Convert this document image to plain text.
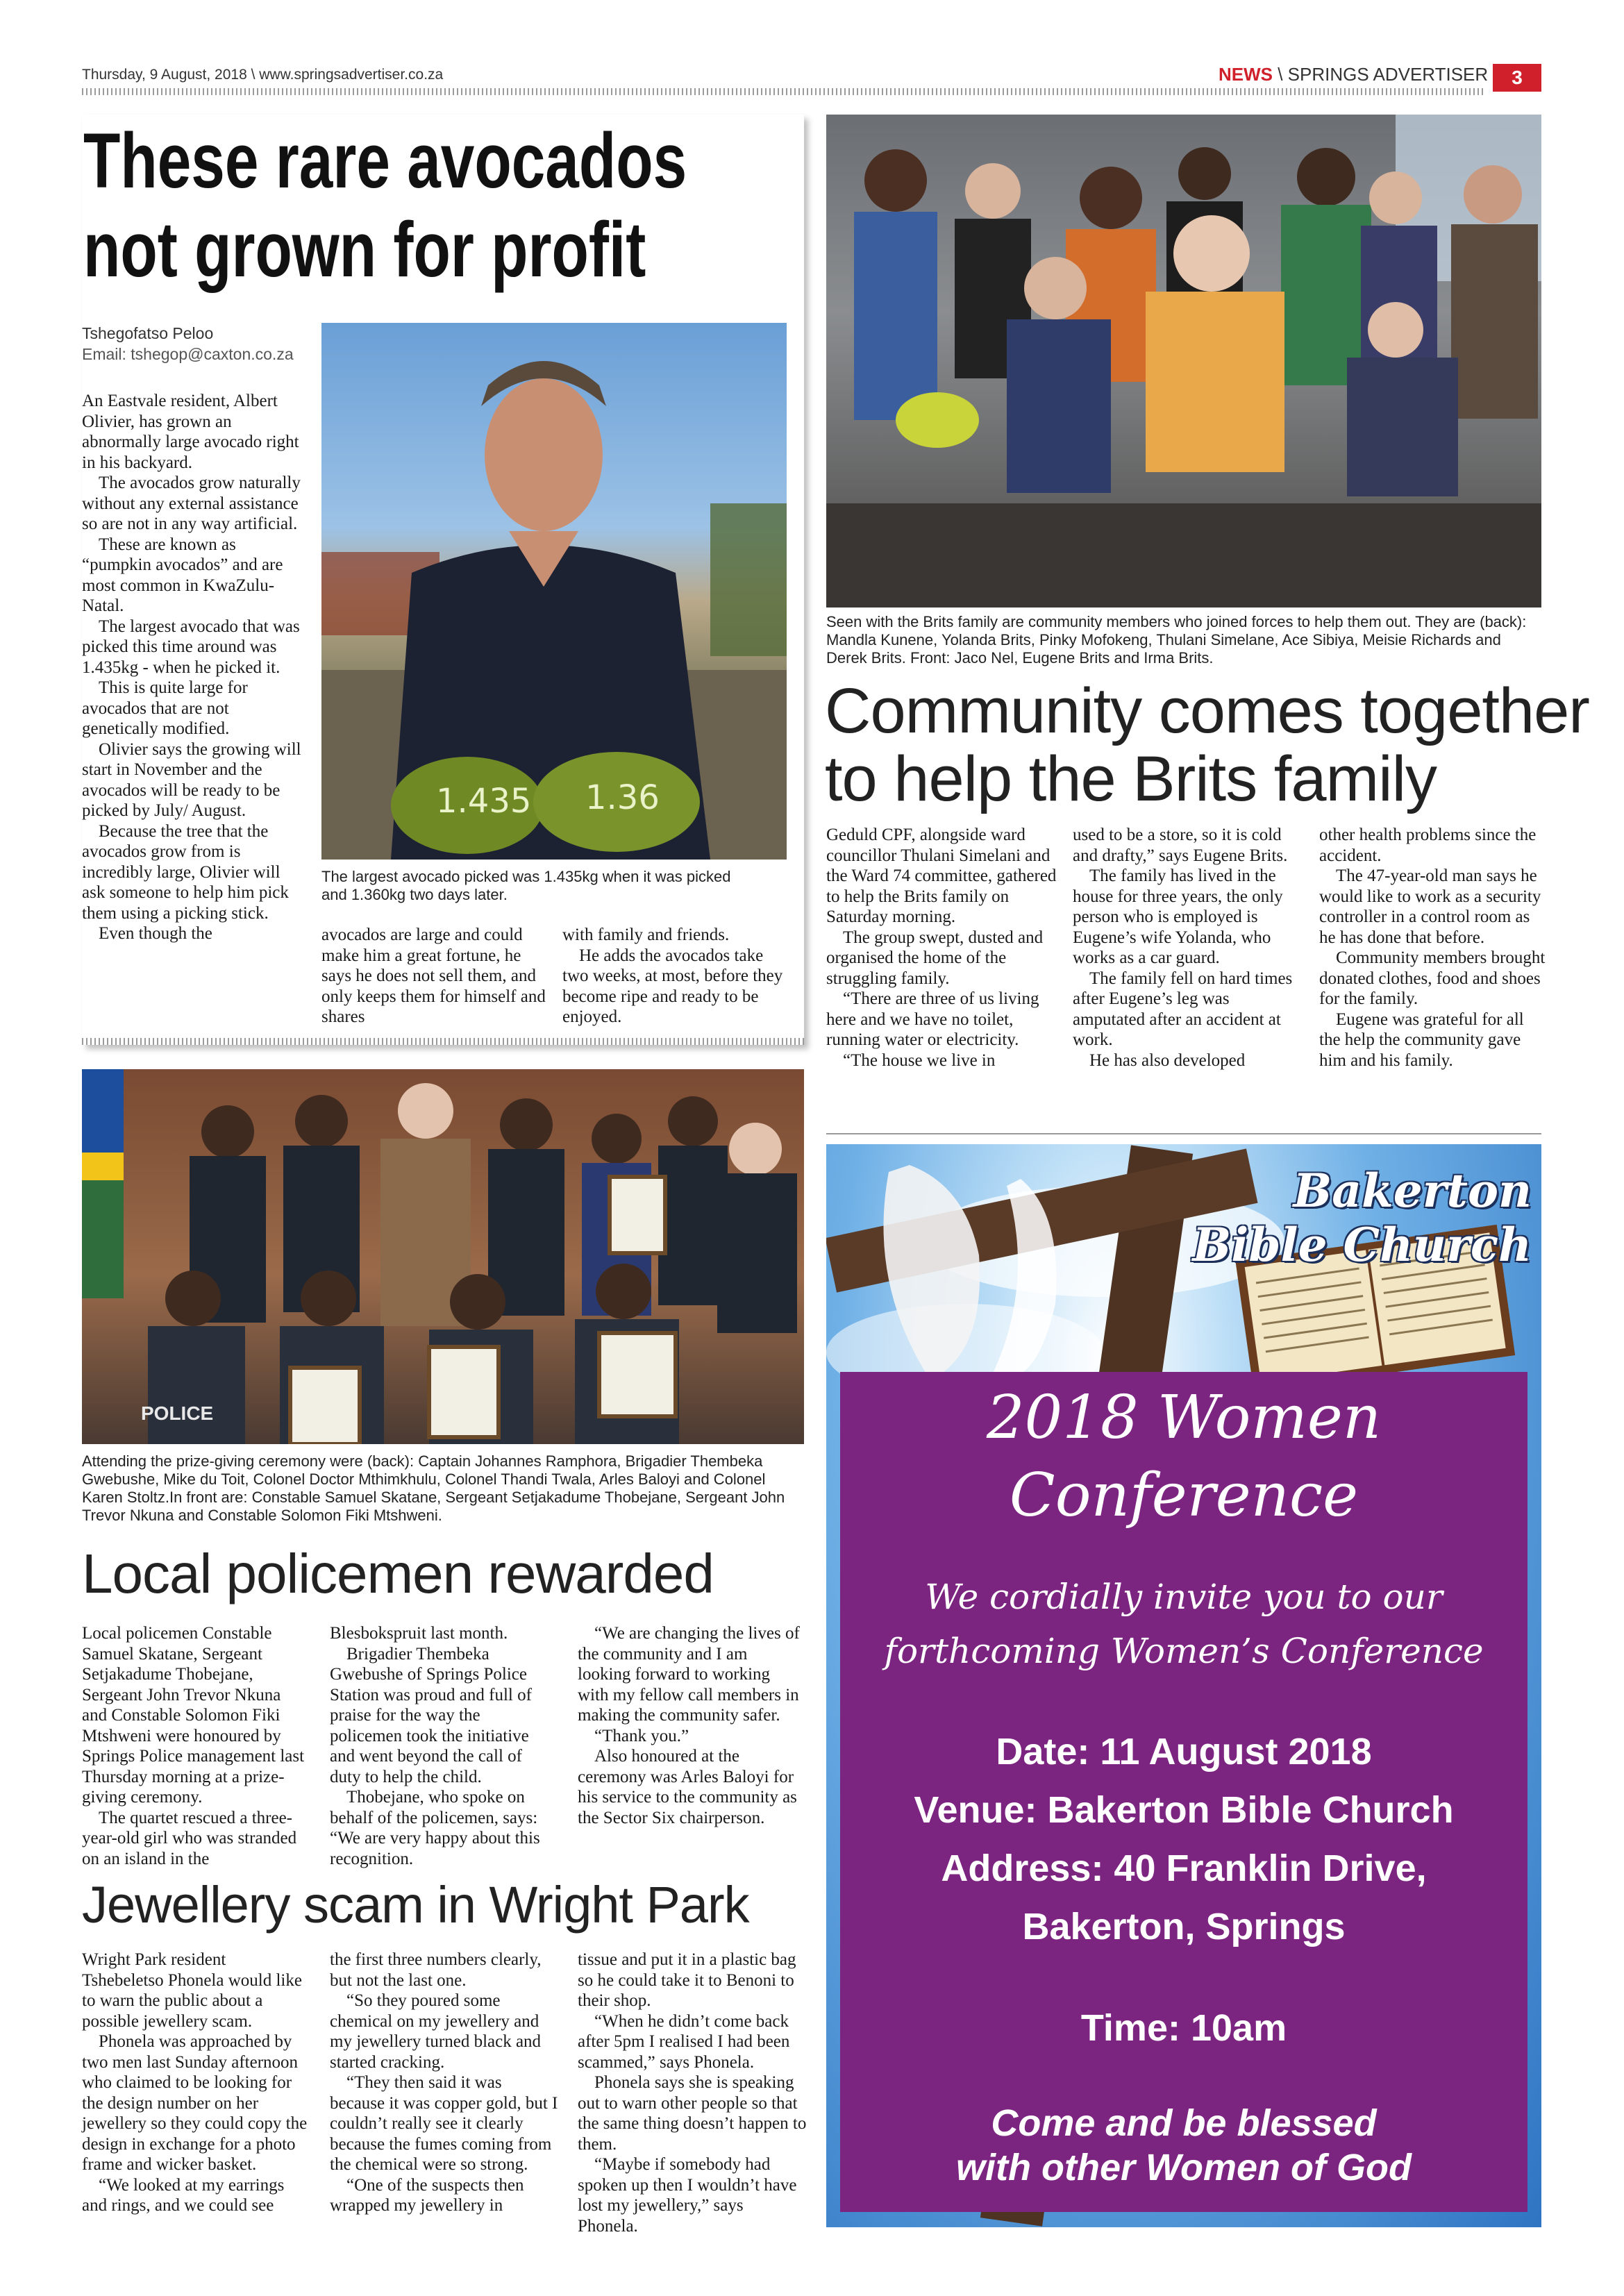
Thursday, 9 August, 2018 \ www.springsadvertiser.co.za	NEWS \ SPRINGS ADVERTISER	3
These rare avocados
not grown for profit
Tshegofatso Peloo
Email: tshegop@caxton.co.za

An Eastvale resident, Albert Olivier, has grown an abnormally large avocado right in his backyard.

The avocados grow naturally without any external assistance so are not in any way artificial.

These are known as “pumpkin avocados” and are most common in KwaZulu-Natal.

The largest avocado that was picked this time around was 1.435kg - when he picked it.

This is quite large for avocados that are not genetically modified.

Olivier says the growing will start in November and the avocados will be ready to be picked by July/ August.

Because the tree that the avocados grow from is incredibly large, Olivier will ask someone to help him pick them using a picking stick.

Even though the

1.435 1.36
The largest avocado picked was 1.435kg when it was picked and 1.360kg two days later.

avocados are large and could make him a great fortune, he says he does not sell them, and only keeps them for himself and shares

with family and friends.

He adds the avocados take two weeks, at most, before they become ripe and ready to be enjoyed.

Seen with the Brits family are community members who joined forces to help them out. They are (back): Mandla Kunene, Yolanda Brits, Pinky Mofokeng, Thulani Simelane, Ace Sibiya, Meisie Richards and Derek Brits. Front: Jaco Nel, Eugene Brits and Irma Brits.
Community comes together
to help the Brits family

Geduld CPF, alongside ward councillor Thulani Simelani and the Ward 74 committee, gathered to help the Brits family on Saturday morning.

The group swept, dusted and organised the home of the struggling family.

“There are three of us living here and we have no toilet, running water or electricity.

“The house we live in

used to be a store, so it is cold and drafty,” says Eugene Brits.

The family has lived in the house for three years, the only person who is employed is Eugene’s wife Yolanda, who works as a car guard.

The family fell on hard times after Eugene’s leg was amputated after an accident at work.

He has also developed

other health problems since the accident.

The 47-year-old man says he would like to work as a security controller in a control room as he has done that before.

Community members brought donated clothes, food and shoes for the family.

Eugene was grateful for all the help the community gave him and his family.

POLICE
Attending the prize-giving ceremony were (back): Captain Johannes Ramphora, Brigadier Thembeka Gwebushe, Mike du Toit, Colonel Doctor Mthimkhulu, Colonel Thandi Twala, Arles Baloyi and Colonel Karen Stoltz.In front are: Constable Samuel Skatane, Sergeant Setjakadume Thobejane, Sergeant John Trevor Nkuna and Constable Solomon Fiki Mtshweni.
Local policemen rewarded

Local policemen Constable Samuel Skatane, Sergeant Setjakadume Thobejane, Sergeant John Trevor Nkuna and Constable Solomon Fiki Mtshweni were honoured by Springs Police management last Thursday morning at a prize-giving ceremony.

The quartet rescued a three-year-old girl who was stranded on an island in the

Blesbokspruit last month.

Brigadier Thembeka Gwebushe of Springs Police Station was proud and full of praise for the way the policemen took the initiative and went beyond the call of duty to help the child.

Thobejane, who spoke on behalf of the policemen, says: “We are very happy about this recognition.

“We are changing the lives of the community and I am looking forward to working with my fellow call members in making the community safer.

“Thank you.”

Also honoured at the ceremony was Arles Baloyi for his service to the community as the Sector Six chairperson.

Jewellery scam in Wright Park

Wright Park resident Tshebeletso Phonela would like to warn the public about a possible jewellery scam.

Phonela was approached by two men last Sunday afternoon who claimed to be looking for the design number on her jewellery so they could copy the design in exchange for a photo frame and wicker basket.

“We looked at my earrings and rings, and we could see

the first three numbers clearly, but not the last one.

“So they poured some chemical on my jewellery and my jewellery turned black and started cracking.

“They then said it was because it was copper gold, but I couldn’t really see it clearly because the fumes coming from the chemical were so strong.

“One of the suspects then wrapped my jewellery in

tissue and put it in a plastic bag so he could take it to Benoni to their shop.

“When he didn’t come back after 5pm I realised I had been scammed,” says Phonela.

Phonela says she is speaking out to warn other people so that the same thing doesn’t happen to them.

“Maybe if somebody had spoken up then I wouldn’t have lost my jewellery,” says Phonela.

Bakerton
Bible Church
2018 Women
Conference
We cordially invite you to our
forthcoming Women’s Conference
Date: 11 August 2018
Venue: Bakerton Bible Church
Address: 40 Franklin Drive,
Bakerton, Springs
Time: 10am
Come and be blessed
with other Women of God
